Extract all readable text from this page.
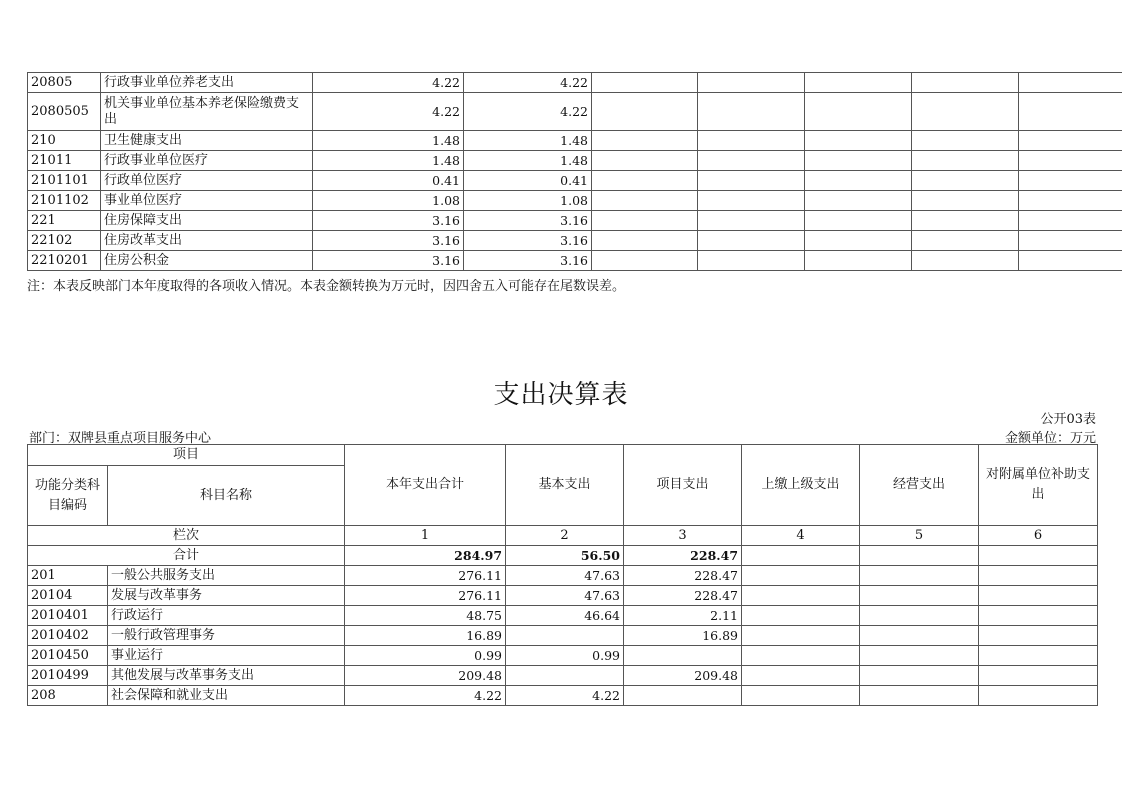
20805	行政事业单位养老支出	4.22	4.22						
2080505	机关事业单位基本养老保险缴费支出	4.22	4.22						
210	卫生健康支出	1.48	1.48						
21011	行政事业单位医疗	1.48	1.48						
2101101	行政单位医疗	0.41	0.41						
2101102	事业单位医疗	1.08	1.08						
221	住房保障支出	3.16	3.16						
22102	住房改革支出	3.16	3.16						
2210201	住房公积金	3.16	3.16						
注：本表反映部门本年度取得的各项收入情况。本表金额转换为万元时，因四舍五入可能存在尾数误差。
支出决算表
公开03表
部门：双牌县重点项目服务中心	金额单位：万元
项目		本年支出合计	基本支出	项目支出	上缴上级支出	经营支出	对附属单位补助支出
功能分类科目编码	科目名称						
栏次		1	2	3	4	5	6
合计		284.97	56.50	228.47			
201	一般公共服务支出	276.11	47.63	228.47			
20104	发展与改革事务	276.11	47.63	228.47			
2010401	行政运行	48.75	46.64	2.11			
2010402	一般行政管理事务	16.89		16.89			
2010450	事业运行	0.99	0.99				
2010499	其他发展与改革事务支出	209.48		209.48			
208	社会保障和就业支出	4.22	4.22				
